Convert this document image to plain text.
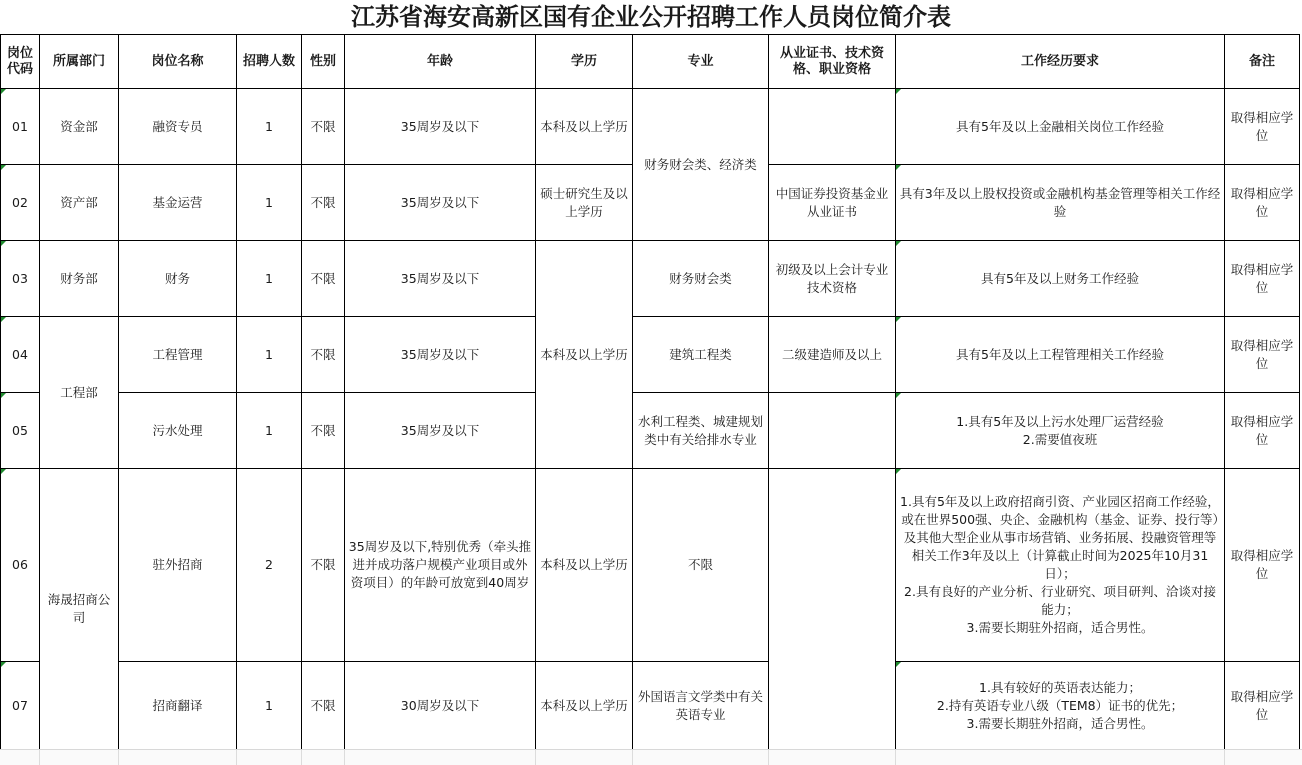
江苏省海安高新区国有企业公开招聘工作人员岗位简介表
岗位代码	所属部门	岗位名称	招聘人数	性别	年龄	学历	专业	从业证书、技术资格、职业资格	工作经历要求	备注

01	资金部	融资专员	1	不限	35周岁及以下	本科及以上学历	财务财会类、经济类		具有5年及以上金融相关岗位工作经验	取得相应学位

02	资产部	基金运营	1	不限	35周岁及以下	硕士研究生及以上学历		中国证券投资基金业从业证书	具有3年及以上股权投资或金融机构基金管理等相关工作经验	取得相应学位

03	财务部	财务	1	不限	35周岁及以下	本科及以上学历	财务财会类	初级及以上会计专业技术资格	具有5年及以上财务工作经验	取得相应学位

04	工程部	工程管理	1	不限	35周岁及以下		建筑工程类	二级建造师及以上	具有5年及以上工程管理相关工作经验	取得相应学位

05		污水处理	1	不限	35周岁及以下		水利工程类、城建规划类中有关给排水专业		1.具有5年及以上污水处理厂运营经验
2.需要值夜班	取得相应学位

06	海晟招商公司	驻外招商	2	不限	35周岁及以下,特别优秀（牵头推进并成功落户规模产业项目或外资项目）的年龄可放宽到40周岁	本科及以上学历	不限		1.具有5年及以上政府招商引资、产业园区招商工作经验，或在世界500强、央企、金融机构（基金、证券、投行等）及其他大型企业从事市场营销、业务拓展、投融资管理等相关工作3年及以上（计算截止时间为2025年10月31日）；
2.具有良好的产业分析、行业研究、项目研判、洽谈对接能力；
3.需要长期驻外招商，适合男性。	取得相应学位

07		招商翻译	1	不限	30周岁及以下	本科及以上学历	外国语言文学类中有关英语专业		1.具有较好的英语表达能力；
2.持有英语专业八级（TEM8）证书的优先；
3.需要长期驻外招商，适合男性。	取得相应学位
